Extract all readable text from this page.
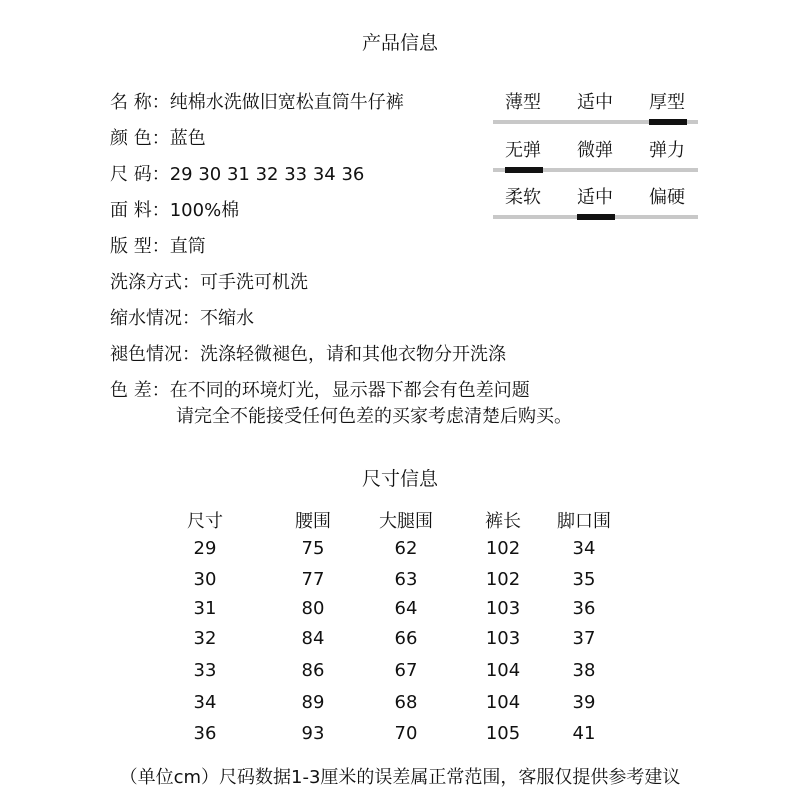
产品信息
名 称：纯棉水洗做旧宽松直筒牛仔裤
颜 色：蓝色
尺 码：29 30 31 32 33 34 36
面 料：100%棉
版 型：直筒
洗涤方式：可手洗可机洗
缩水情况：不缩水
褪色情况：洗涤轻微褪色，请和其他衣物分开洗涤
色 差：在不同的环境灯光，显示器下都会有色差问题
请完全不能接受任何色差的买家考虑清楚后购买。
薄型 适中 厚型
无弹 微弹 弹力
柔软 适中 偏硬
尺寸信息
尺寸	腰围	大腿围	裤长	脚口围
29	75	62	102	34
30	77	63	102	35
31	80	64	103	36
32	84	66	103	37
33	86	67	104	38
34	89	68	104	39
36	93	70	105	41
（单位cm）尺码数据1-3厘米的误差属正常范围，客服仅提供参考建议
